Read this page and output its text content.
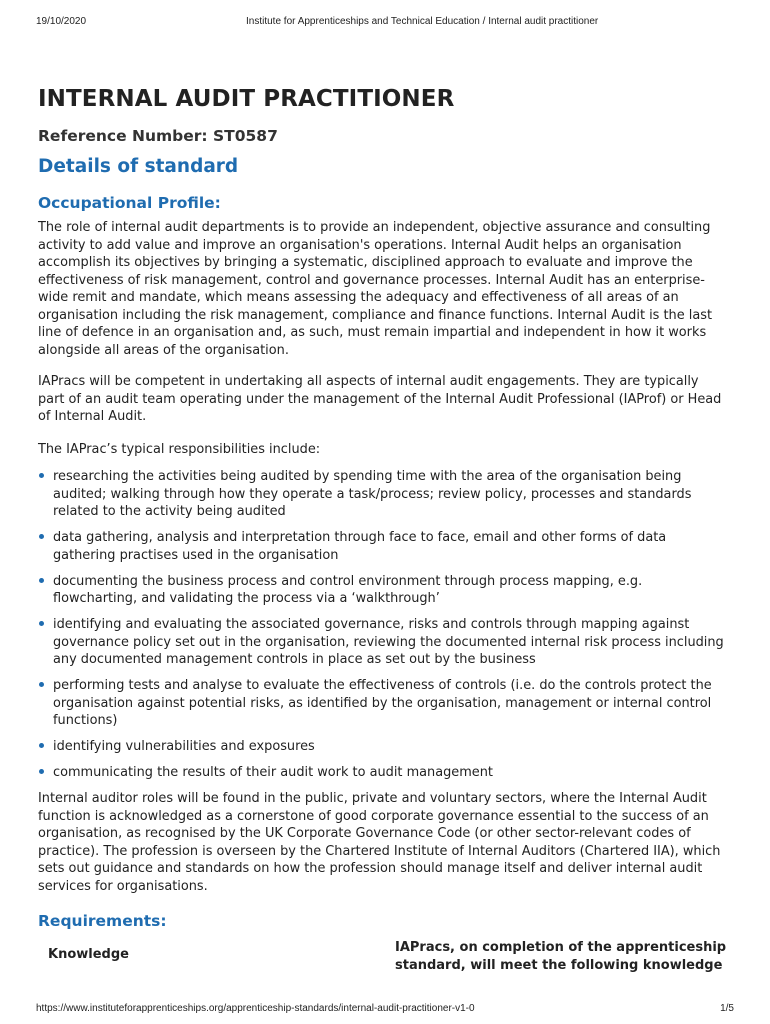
19/10/2020	Institute for Apprenticeships and Technical Education / Internal audit practitioner
INTERNAL AUDIT PRACTITIONER
Reference Number: ST0587
Details of standard
Occupational Profile:

The role of internal audit departments is to provide an independent, objective assurance and consulting activity to add value and improve an organisation's operations. Internal Audit helps an organisation accomplish its objectives by bringing a systematic, disciplined approach to evaluate and improve the effectiveness of risk management, control and governance processes. Internal Audit has an enterprise-wide remit and mandate, which means assessing the adequacy and effectiveness of all areas of an organisation including the risk management, compliance and finance functions. Internal Audit is the last line of defence in an organisation and, as such, must remain impartial and independent in how it works alongside all areas of the organisation.

IAPracs will be competent in undertaking all aspects of internal audit engagements. They are typically part of an audit team operating under the management of the Internal Audit Professional (IAProf) or Head of Internal Audit.

The IAPrac’s typical responsibilities include:

researching the activities being audited by spending time with the area of the organisation being audited; walking through how they operate a task/process; review policy, processes and standards related to the activity being audited
data gathering, analysis and interpretation through face to face, email and other forms of data gathering practises used in the organisation
documenting the business process and control environment through process mapping, e.g. flowcharting, and validating the process via a ‘walkthrough’
identifying and evaluating the associated governance, risks and controls through mapping against governance policy set out in the organisation, reviewing the documented internal risk process including any documented management controls in place as set out by the business
performing tests and analyse to evaluate the effectiveness of controls (i.e. do the controls protect the organisation against potential risks, as identified by the organisation, management or internal control functions)
identifying vulnerabilities and exposures
communicating the results of their audit work to audit management

Internal auditor roles will be found in the public, private and voluntary sectors, where the Internal Audit function is acknowledged as a cornerstone of good corporate governance essential to the success of an organisation, as recognised by the UK Corporate Governance Code (or other sector-relevant codes of practice). The profession is overseen by the Chartered Institute of Internal Auditors (Chartered IIA), which sets out guidance and standards on how the profession should manage itself and deliver internal audit services for organisations.

Requirements:
Knowledge	IAPracs, on completion of the apprenticeship standard, will meet the following knowledge
https://www.instituteforapprenticeships.org/apprenticeship-standards/internal-audit-practitioner-v1-0	1/5
